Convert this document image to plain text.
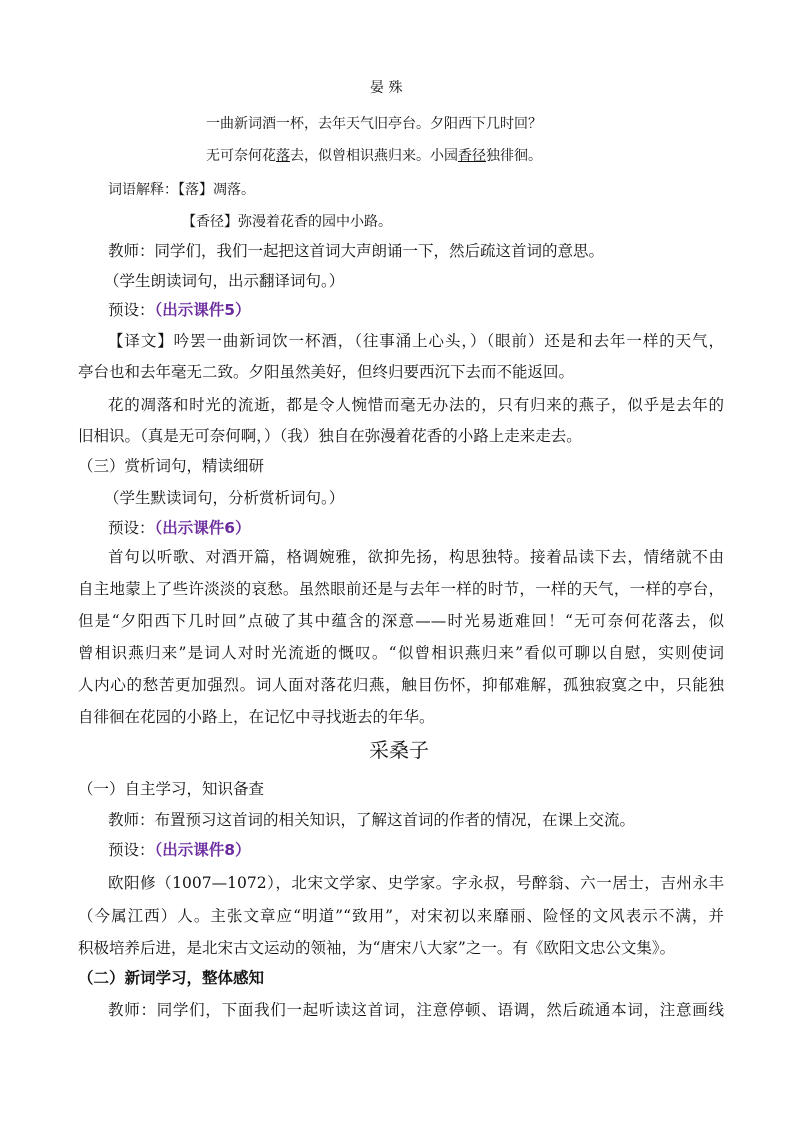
晏 殊
一曲新词酒一杯，去年天气旧亭台。夕阳西下几时回？
无可奈何花落去，似曾相识燕归来。小园香径独徘徊。
词语解释：【落】凋落。
【香径】弥漫着花香的园中小路。
教师：同学们，我们一起把这首词大声朗诵一下，然后疏这首词的意思。
（学生朗读词句，出示翻译词句。）
预设：（出示课件5）
【译文】吟罢一曲新词饮一杯酒，（往事涌上心头，）（眼前）还是和去年一样的天气，
亭台也和去年毫无二致。夕阳虽然美好，但终归要西沉下去而不能返回。
花的凋落和时光的流逝，都是令人惋惜而毫无办法的，只有归来的燕子，似乎是去年的
旧相识。（真是无可奈何啊，）（我）独自在弥漫着花香的小路上走来走去。
（三）赏析词句，精读细研
（学生默读词句，分析赏析词句。）
预设：（出示课件6）
首句以听歌、对酒开篇，格调婉雅，欲抑先扬，构思独特。接着品读下去，情绪就不由
自主地蒙上了些许淡淡的哀愁。虽然眼前还是与去年一样的时节，一样的天气，一样的亭台，
但是“夕阳西下几时回”点破了其中蕴含的深意——时光易逝难回！“无可奈何花落去，似
曾相识燕归来”是词人对时光流逝的慨叹。“似曾相识燕归来”看似可聊以自慰，实则使词
人内心的愁苦更加强烈。词人面对落花归燕，触目伤怀，抑郁难解，孤独寂寞之中，只能独
自徘徊在花园的小路上，在记忆中寻找逝去的年华。
采桑子
（一）自主学习，知识备查
教师：布置预习这首词的相关知识，了解这首词的作者的情况，在课上交流。
预设：（出示课件8）
欧阳修（1007—1072），北宋文学家、史学家。字永叔，号醉翁、六一居士，吉州永丰
（今属江西）人。主张文章应“明道”“致用”，对宋初以来靡丽、险怪的文风表示不满，并
积极培养后进，是北宋古文运动的领袖，为“唐宋八大家”之一。有《欧阳文忠公文集》。
（二）新词学习，整体感知
教师：同学们，下面我们一起听读这首词，注意停顿、语调，然后疏通本词，注意画线
